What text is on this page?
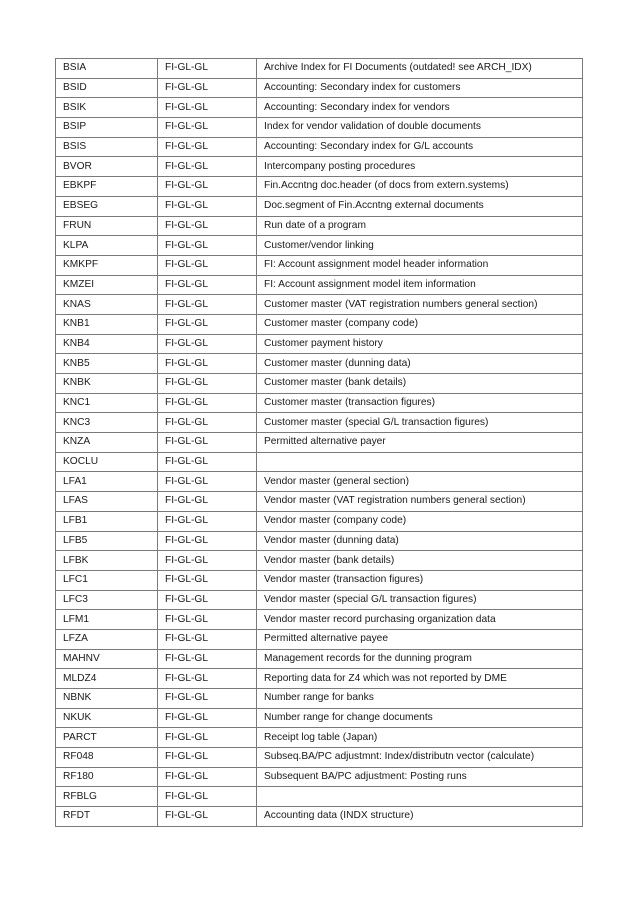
BSIA	FI-GL-GL	Archive Index for FI Documents (outdated! see ARCH_IDX)
BSID	FI-GL-GL	Accounting: Secondary index for customers
BSIK	FI-GL-GL	Accounting: Secondary index for vendors
BSIP	FI-GL-GL	Index for vendor validation of double documents
BSIS	FI-GL-GL	Accounting: Secondary index for G/L accounts
BVOR	FI-GL-GL	Intercompany posting procedures
EBKPF	FI-GL-GL	Fin.Accntng doc.header (of docs from extern.systems)
EBSEG	FI-GL-GL	Doc.segment of Fin.Accntng external documents
FRUN	FI-GL-GL	Run date of a program
KLPA	FI-GL-GL	Customer/vendor linking
KMKPF	FI-GL-GL	FI: Account assignment model header information
KMZEI	FI-GL-GL	FI: Account assignment model item information
KNAS	FI-GL-GL	Customer master (VAT registration numbers general section)
KNB1	FI-GL-GL	Customer master (company code)
KNB4	FI-GL-GL	Customer payment history
KNB5	FI-GL-GL	Customer master (dunning data)
KNBK	FI-GL-GL	Customer master (bank details)
KNC1	FI-GL-GL	Customer master (transaction figures)
KNC3	FI-GL-GL	Customer master (special G/L transaction figures)
KNZA	FI-GL-GL	Permitted alternative payer
KOCLU	FI-GL-GL	
LFA1	FI-GL-GL	Vendor master (general section)
LFAS	FI-GL-GL	Vendor master (VAT registration numbers general section)
LFB1	FI-GL-GL	Vendor master (company code)
LFB5	FI-GL-GL	Vendor master (dunning data)
LFBK	FI-GL-GL	Vendor master (bank details)
LFC1	FI-GL-GL	Vendor master (transaction figures)
LFC3	FI-GL-GL	Vendor master (special G/L transaction figures)
LFM1	FI-GL-GL	Vendor master record purchasing organization data
LFZA	FI-GL-GL	Permitted alternative payee
MAHNV	FI-GL-GL	Management records for the dunning program
MLDZ4	FI-GL-GL	Reporting data for Z4 which was not reported by DME
NBNK	FI-GL-GL	Number range for banks
NKUK	FI-GL-GL	Number range for change documents
PARCT	FI-GL-GL	Receipt log table (Japan)
RF048	FI-GL-GL	Subseq.BA/PC adjustmnt: Index/distributn vector (calculate)
RF180	FI-GL-GL	Subsequent BA/PC adjustment: Posting runs
RFBLG	FI-GL-GL	
RFDT	FI-GL-GL	Accounting data (INDX structure)
